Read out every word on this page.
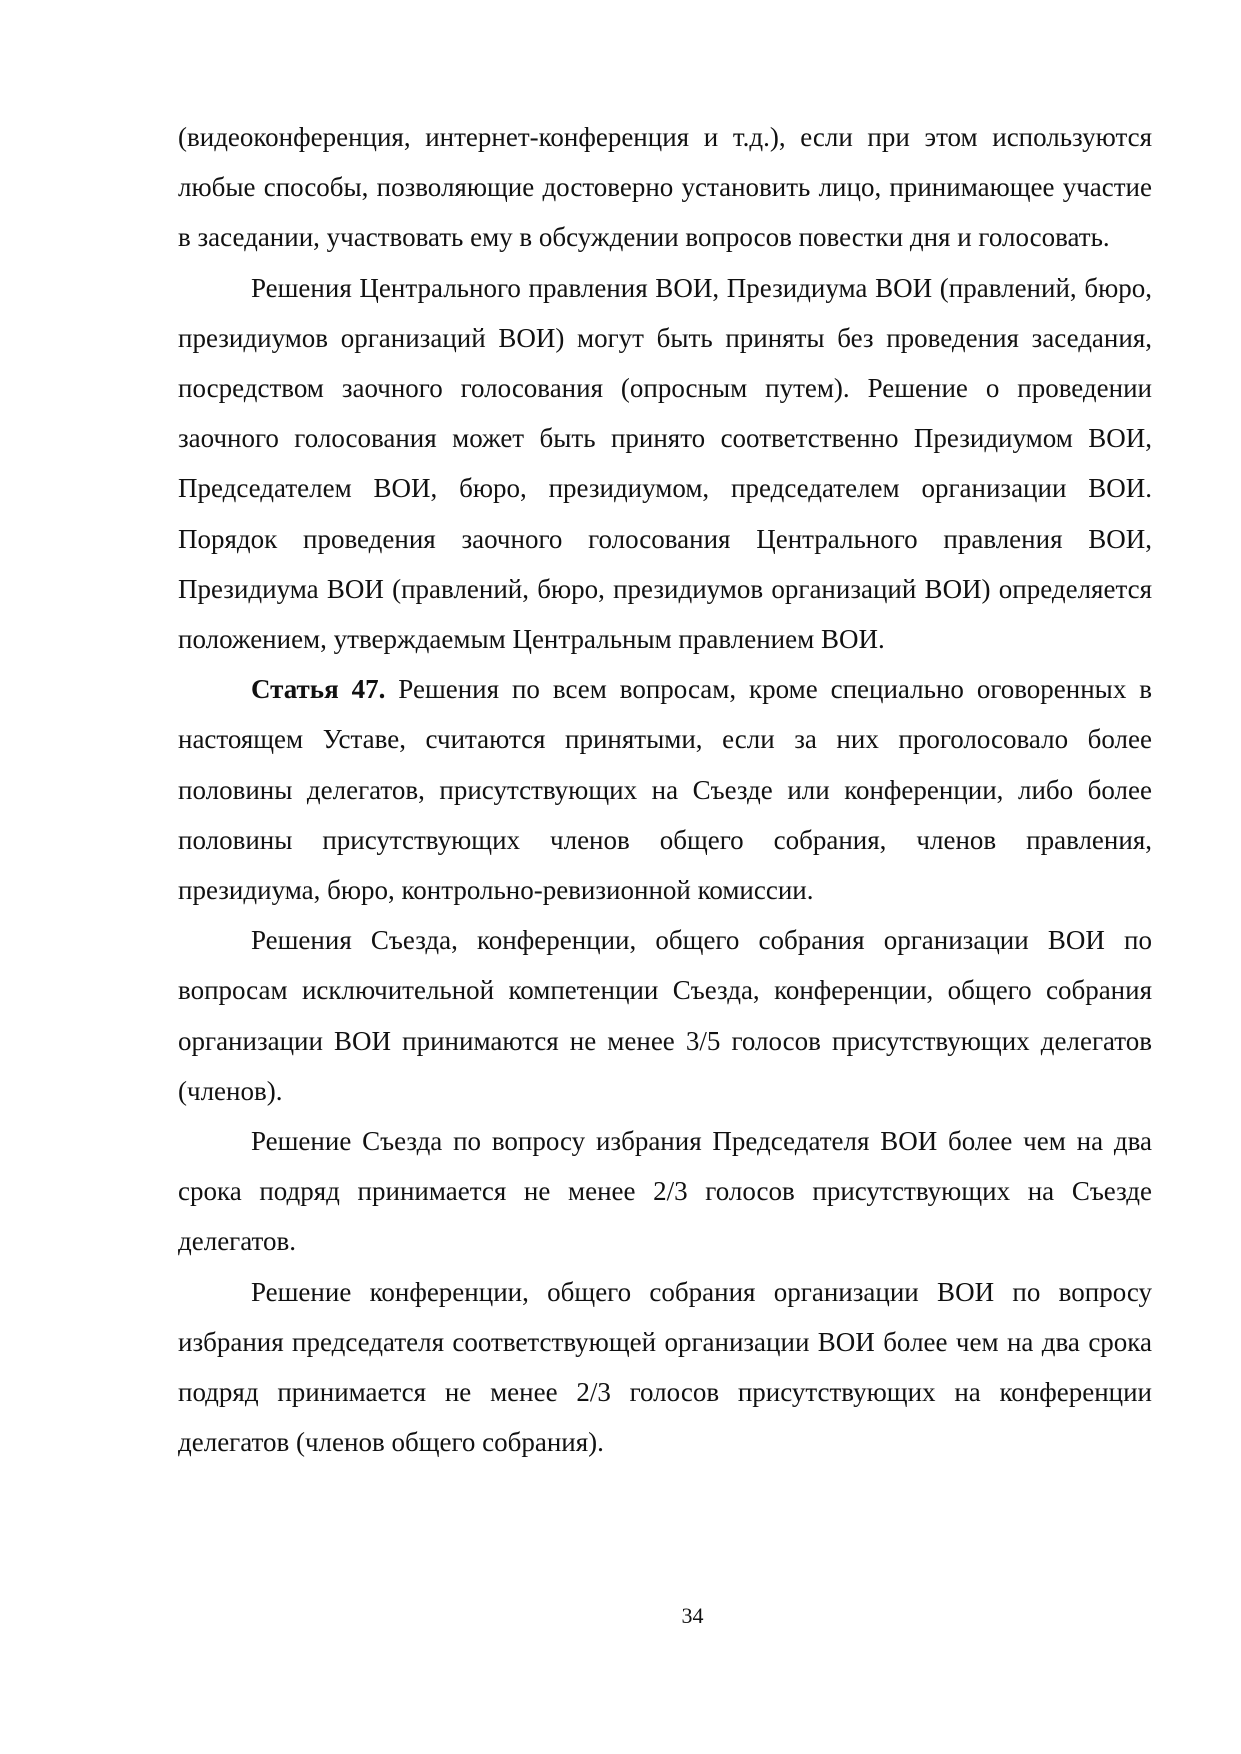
(видеоконференция, интернет-конференция и т.д.), если при этом используются любые способы, позволяющие достоверно установить лицо, принимающее участие в заседании, участвовать ему в обсуждении вопросов повестки дня и голосовать.

Решения Центрального правления ВОИ, Президиума ВОИ (правлений, бюро, президиумов организаций ВОИ) могут быть приняты без проведения заседания, посредством заочного голосования (опросным путем). Решение о проведении заочного голосования может быть принято соответственно Президиумом ВОИ, Председателем ВОИ, бюро, президиумом, председателем организации ВОИ. Порядок проведения заочного голосования Центрального правления ВОИ, Президиума ВОИ (правлений, бюро, президиумов организаций ВОИ) определяется положением, утверждаемым Центральным правлением ВОИ.

Статья 47. Решения по всем вопросам, кроме специально оговоренных в настоящем Уставе, считаются принятыми, если за них проголосовало более половины делегатов, присутствующих на Съезде или конференции, либо более половины присутствующих членов общего собрания, членов правления, президиума, бюро, контрольно-ревизионной комиссии.

Решения Съезда, конференции, общего собрания организации ВОИ по вопросам исключительной компетенции Съезда, конференции, общего собрания организации ВОИ принимаются не менее 3/5 голосов присутствующих делегатов (членов).

Решение Съезда по вопросу избрания Председателя ВОИ более чем на два срока подряд принимается не менее 2/3 голосов присутствующих на Съезде делегатов.

Решение конференции, общего собрания организации ВОИ по вопросу избрания председателя соответствующей организации ВОИ более чем на два срока подряд принимается не менее 2/3 голосов присутствующих на конференции делегатов (членов общего собрания).

34
